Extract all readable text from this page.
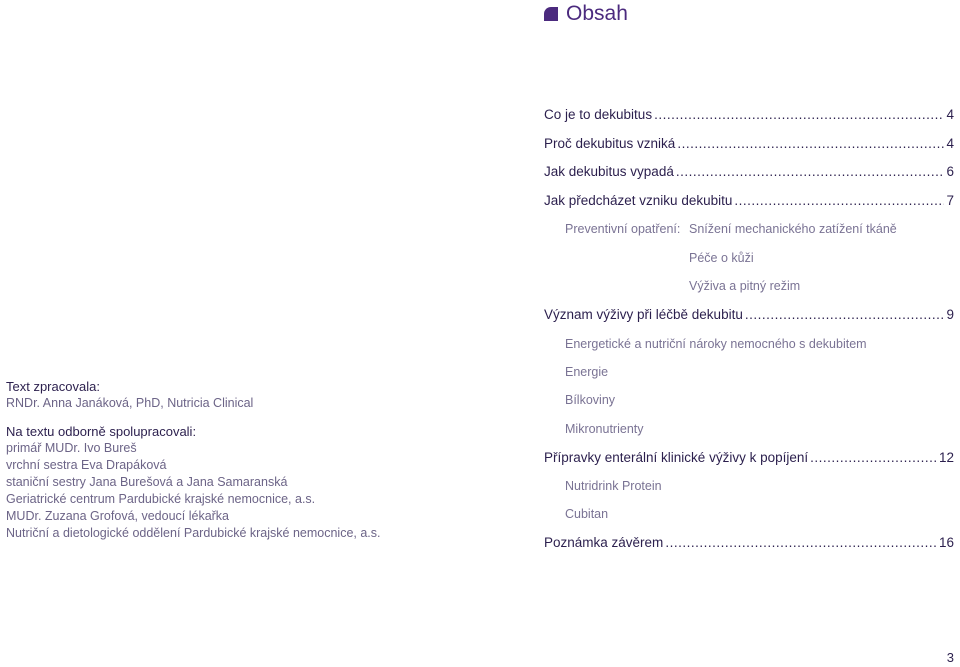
Obsah

Text zpracovala:

RNDr. Anna Janáková, PhD, Nutricia Clinical

Na textu odborně spolupracovali:

primář MUDr. Ivo Bureš

vrchní sestra Eva Drapáková

staniční sestry Jana Burešová a Jana Samaranská

Geriatrické centrum Pardubické krajské nemocnice, a.s.

MUDr. Zuzana Grofová, vedoucí lékařka

Nutriční a dietologické oddělení Pardubické krajské nemocnice, a.s.

Co je to dekubitus .....	4
Proč dekubitus vzniká .....	4
Jak dekubitus vypadá .....	6
Jak předcházet vzniku dekubitu .....	7
Preventivní opatření: Snížení mechanického zatížení tkáně
Péče o kůži
Výživa a pitný režim
Význam výživy při léčbě dekubitu .....	9
Energetické a nutriční nároky nemocného s dekubitem
Energie
Bílkoviny
Mikronutrienty
Přípravky enterální klinické výživy k popíjení .....	12
Nutridrink Protein
Cubitan
Poznámka závěrem .....	16
3
